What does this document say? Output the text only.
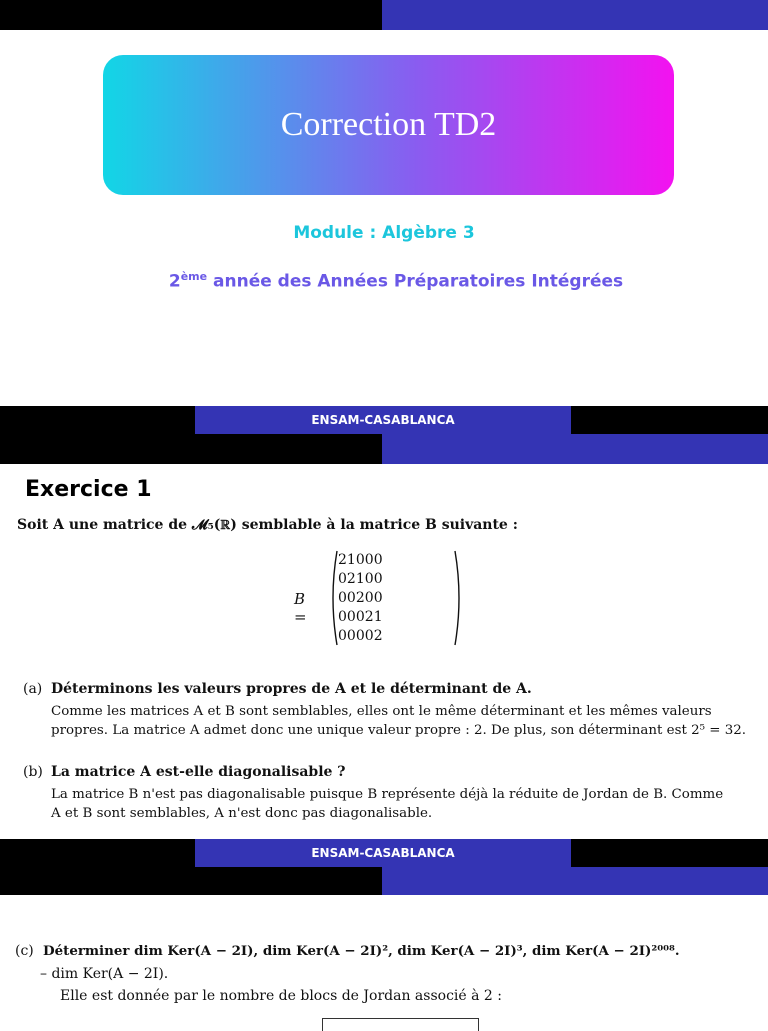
Correction TD2
Module : Algèbre 3
2ème année des Années Préparatoires Intégrées
ENSAM-CASABLANCA
Exercice 1
Soit A une matrice de 𝓜₅(ℝ) semblable à la matrice B suivante :
B =
2	1	0	0	0
0	2	1	0	0
0	0	2	0	0
0	0	0	2	1
0	0	0	0	2
(a) Déterminons les valeurs propres de A et le déterminant de A.
Comme les matrices A et B sont semblables, elles ont le même déterminant et les mêmes valeurs
propres. La matrice A admet donc une unique valeur propre : 2. De plus, son déterminant est 2⁵ = 32.
(b) La matrice A est-elle diagonalisable ?
La matrice B n'est pas diagonalisable puisque B représente déjà la réduite de Jordan de B. Comme
A et B sont semblables, A n'est donc pas diagonalisable.
ENSAM-CASABLANCA
(c) Déterminer dim Ker(A − 2I), dim Ker(A − 2I)², dim Ker(A − 2I)³, dim Ker(A − 2I)²⁰⁰⁸.
– dim Ker(A − 2I).
Elle est donnée par le nombre de blocs de Jordan associé à 2 :
